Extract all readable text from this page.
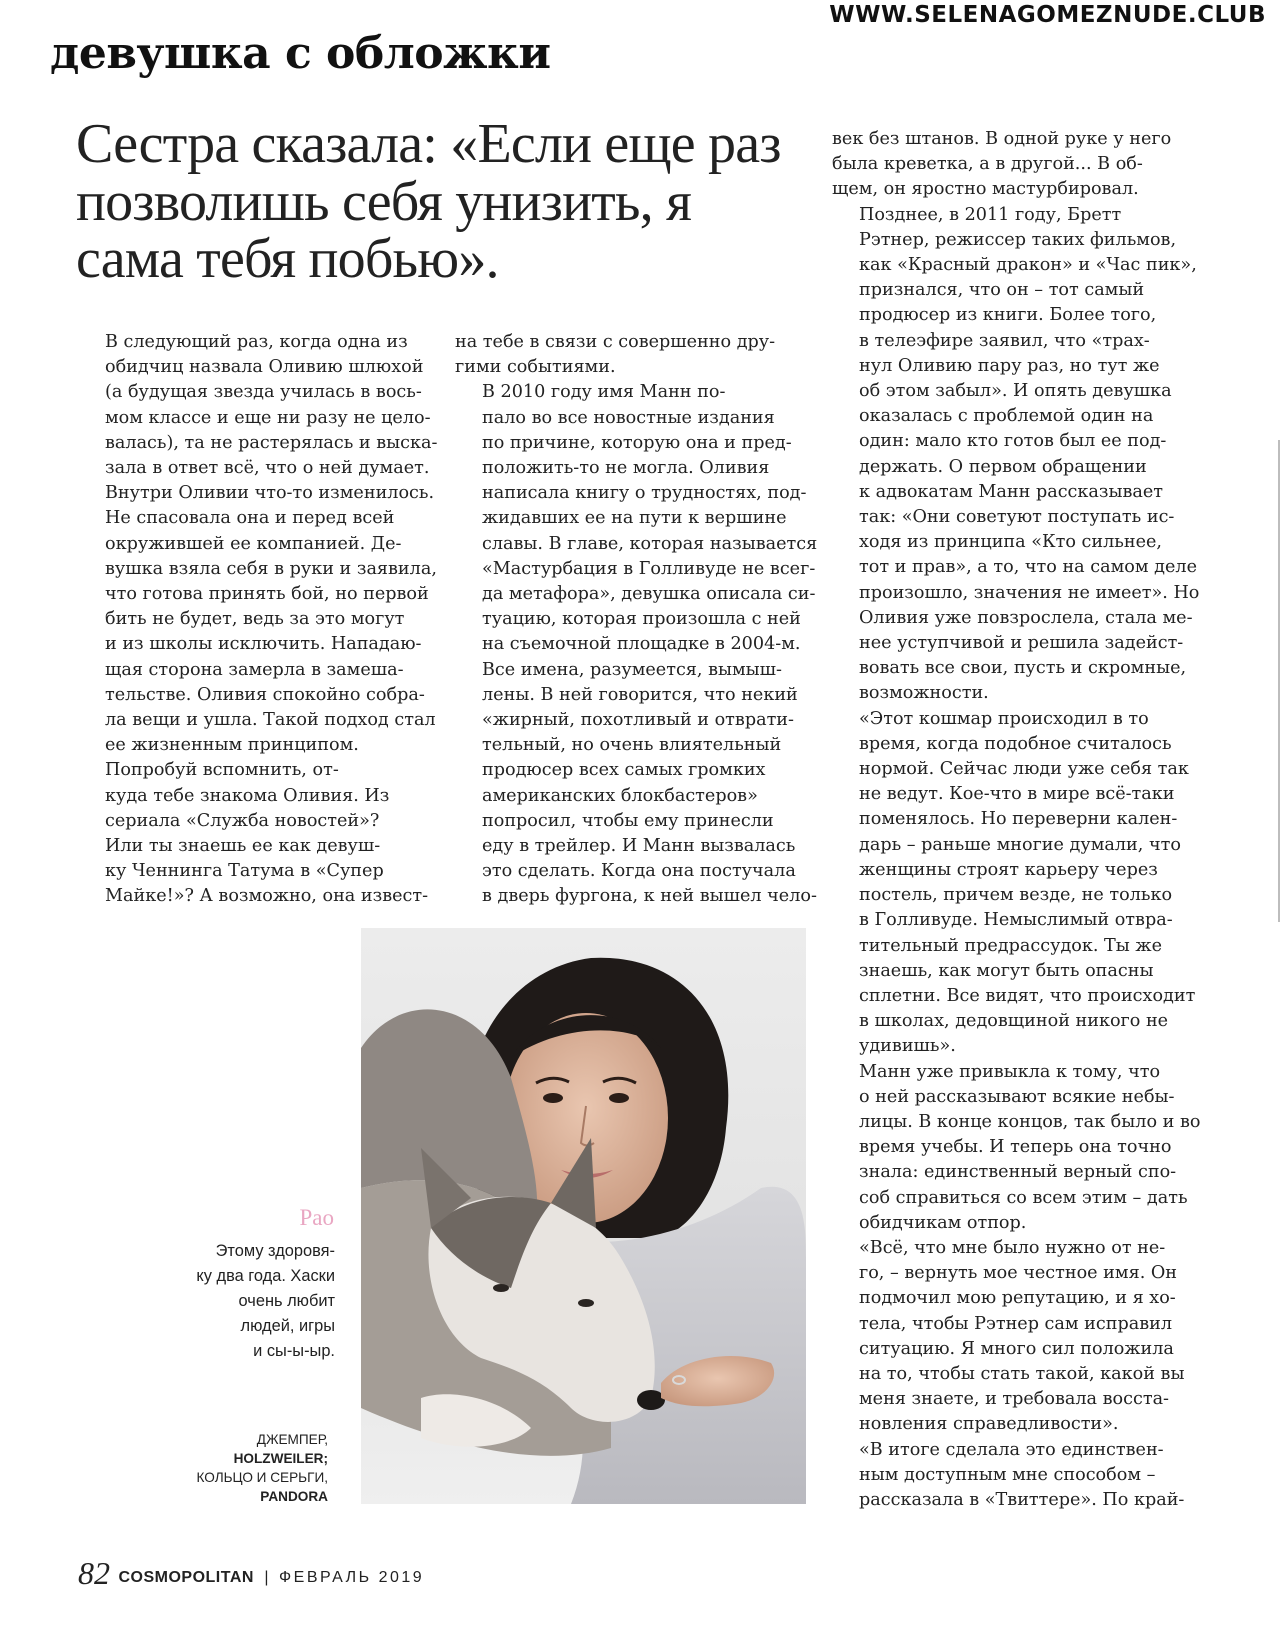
WWW.SELENAGOMEZNUDE.CLUB
девушка с обложки
Сестра сказала: «Если еще раз позволишь себя унизить, я сама тебя побью».

В следующий раз, когда одна из
обидчиц назвала Оливию шлюхой
(а будущая звезда училась в вось-
мом классе и еще ни разу не цело-
валась), та не растерялась и выска-
зала в ответ всё, что о ней думает.
Внутри Оливии что-то изменилось.
Не спасовала она и перед всей
окружившей ее компанией. Де-
вушка взяла себя в руки и заявила,
что готова принять бой, но первой
бить не будет, ведь за это могут
и из школы исключить. Нападаю-
щая сторона замерла в замеша-
тельстве. Оливия спокойно собра-
ла вещи и ушла. Такой подход стал
ее жизненным принципом.

Попробуй вспомнить, от-
куда тебе знакома Оливия. Из
сериала «Служба новостей»?
Или ты знаешь ее как девуш-
ку Ченнинга Татума в «Супер
Майке!»? А возможно, она извест-

на тебе в связи с совершенно дру-
гими событиями.

В 2010 году имя Манн по-
пало во все новостные издания
по причине, которую она и пред-
положить-то не могла. Оливия
написала книгу о трудностях, под-
жидавших ее на пути к вершине
славы. В главе, которая называется
«Мастурбация в Голливуде не всег-
да метафора», девушка описала си-
туацию, которая произошла с ней
на съемочной площадке в 2004-м.
Все имена, разумеется, вымыш-
лены. В ней говорится, что некий
«жирный, похотливый и отврати-
тельный, но очень влиятельный
продюсер всех самых громких
американских блокбастеров»
попросил, чтобы ему принесли
еду в трейлер. И Манн вызвалась
это сделать. Когда она постучала
в дверь фургона, к ней вышел чело-

век без штанов. В одной руке у него
была креветка, а в другой... В об-
щем, он яростно мастурбировал.

Позднее, в 2011 году, Бретт
Рэтнер, режиссер таких фильмов,
как «Красный дракон» и «Час пик»,
признался, что он – тот самый
продюсер из книги. Более того,
в телеэфире заявил, что «трах-
нул Оливию пару раз, но тут же
об этом забыл». И опять девушка
оказалась с проблемой один на
один: мало кто готов был ее под-
держать. О первом обращении
к адвокатам Манн рассказывает
так: «Они советуют поступать ис-
ходя из принципа «Кто сильнее,
тот и прав», а то, что на самом деле
произошло, значения не имеет». Но
Оливия уже повзрослела, стала ме-
нее уступчивой и решила задейст-
вовать все свои, пусть и скромные,
возможности.

«Этот кошмар происходил в то
время, когда подобное считалось
нормой. Сейчас люди уже себя так
не ведут. Кое-что в мире всё-таки
поменялось. Но переверни кален-
дарь – раньше многие думали, что
женщины строят карьеру через
постель, причем везде, не только
в Голливуде. Немыслимый отвра-
тительный предрассудок. Ты же
знаешь, как могут быть опасны
сплетни. Все видят, что происходит
в школах, дедовщиной никого не
удивишь».

Манн уже привыкла к тому, что
о ней рассказывают всякие небы-
лицы. В конце концов, так было и во
время учебы. И теперь она точно
знала: единственный верный спо-
соб справиться со всем этим – дать
обидчикам отпор.

«Всё, что мне было нужно от не-
го, – вернуть мое честное имя. Он
подмочил мою репутацию, и я хо-
тела, чтобы Рэтнер сам исправил
ситуацию. Я много сил положила
на то, чтобы стать такой, какой вы
меня знаете, и требовала восста-
новления справедливости».

«В итоге сделала это единствен-
ным доступным мне способом –
рассказала в «Твиттере». По край-

Рао
Этому здоровя-
ку два года. Хаски
очень любит
людей, игры
и сы-ы-ыр.
ДЖЕМПЕР,
HOLZWEILER;
КОЛЬЦО И СЕРЬГИ,
PANDORA
82 COSMOPOLITAN | ФЕВРАЛЬ 2019
